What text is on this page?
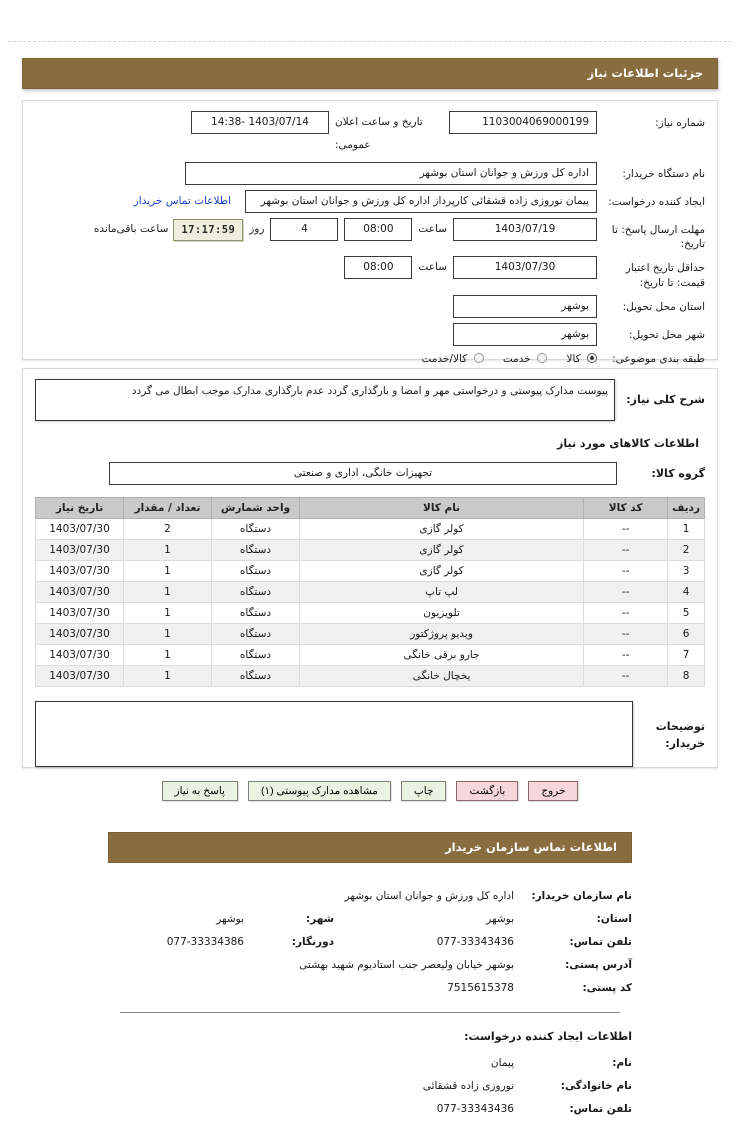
جزئیات اطلاعات نیاز
شماره نیاز:
1103004069000199
تاریخ و ساعت اعلان عمومی:
1403/07/14 -14:38
نام دستگاه خریدار:
اداره کل ورزش و جوانان استان بوشهر
ایجاد کننده درخواست:
پیمان نوروزی زاده قشقائی کارپرداز اداره کل ورزش و جوانان استان بوشهر
اطلاعات تماس خریدار
مهلت ارسال پاسخ: تا تاریخ:
1403/07/19
ساعت
08:00
4
روز
17:17:59
ساعت باقی‌مانده
حداقل تاریخ اعتبار قیمت: تا تاریخ:
1403/07/30
ساعت
08:00
استان محل تحویل:
بوشهر
شهر محل تحویل:
بوشهر
طبقه بندی موضوعی:
کالا  خدمت  کالا/خدمت

شرح کلی نیاز:
پیوست مدارک پیوستی و درخواستی مهر و امضا و بارگذاری گردد عدم بارگذاری مدارک موجب ابطال می گردد
اطلاعات کالاهای مورد نیاز
گروه کالا:
تجهیزات خانگی، اداری و صنعتی
ردیف	کد کالا	نام کالا	واحد شمارش	تعداد / مقدار	تاریخ نیاز
1	--	کولر گازی	دستگاه	2	1403/07/30
2	--	کولر گازی	دستگاه	1	1403/07/30
3	--	کولر گازی	دستگاه	1	1403/07/30
4	--	لپ تاپ	دستگاه	1	1403/07/30
5	--	تلویزیون	دستگاه	1	1403/07/30
6	--	ویدیو پروژکتور	دستگاه	1	1403/07/30
7	--	جارو برقی خانگی	دستگاه	1	1403/07/30
8	--	یخچال خانگی	دستگاه	1	1403/07/30
توضیحات خریدار:
خروج
بازگشت
چاپ
مشاهده مدارک پیوستی (۱)
پاسخ به نیاز
اطلاعات تماس سازمان خریدار
نام سازمان خریدار:
اداره کل ورزش و جوانان استان بوشهر
استان:
بوشهر
شهر:
بوشهر
تلفن تماس:
077-33343436
دورنگار:
077-33334386
آدرس پستی:
بوشهر خیابان ولیعصر جنب استادیوم شهید بهشتی
کد پستی:
7515615378
اطلاعات ایجاد کننده درخواست:
نام:
پیمان
نام خانوادگی:
نوروزی زاده قشقائی
تلفن تماس:
077-33343436
